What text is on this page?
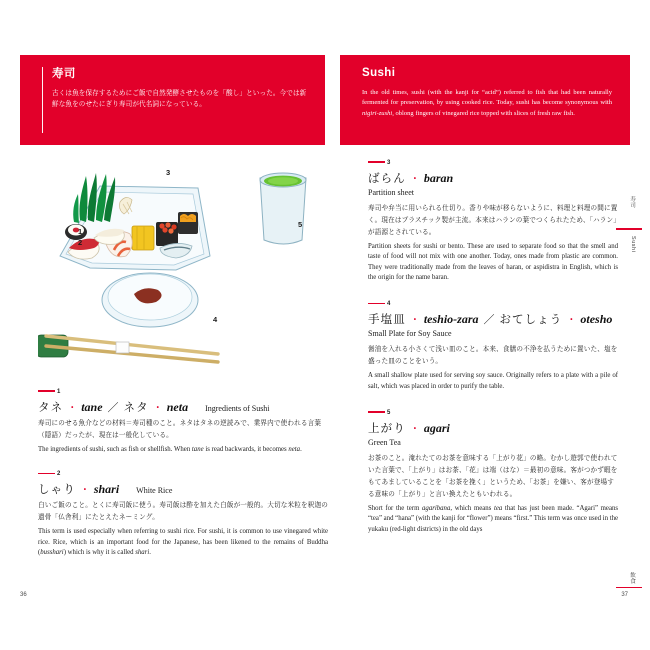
寿司
古くは魚を保存するためにご飯で自然発酵させたものを「酸し」といった。今では新鮮な魚をのせたにぎり寿司が代名詞になっている。
Sushi
In the old times, sushi (with the kanji for “acid”) referred to fish that had been naturally fermented for preservation, by using cooked rice. Today, sushi has become synonymous with nigiri-zushi, oblong fingers of vinegared rice topped with slices of fresh raw fish.
1
2
3
4
5
1
タネ ・ tane ／ ネタ ・ neta Ingredients of Sushi
寿司にのせる魚介などの材料＝寿司種のこと。ネタはタネの逆読みで、業界内で使われる言葉（隠語）だったが、現在は一般化している。
The ingredients of sushi, such as fish or shellfish. When tane is read backwards, it becomes neta.
2
しゃり ・ shari White Rice
白いご飯のこと。とくに寿司飯に使う。寿司飯は酢を加えた白飯が一般的。大切な米粒を釈迦の遺骨「仏舎利」にたとえたネーミング。
This term is used especially when referring to sushi rice. For sushi, it is common to use vinegared white rice. Rice, which is an important food for the Japanese, has been likened to the remains of Buddha (busshari) which is why it is called shari.
3
ばらん ・ baran
Partition sheet
寿司や弁当に用いられる仕切り。香りや味が移らないように、料理と料理の間に置く。現在はプラスチック製が主流。本来はハランの葉でつくられたため、「ハラン」が語源とされている。
Partition sheets for sushi or bento. These are used to separate food so that the smell and taste of food will not mix with one another. Today, ones made from plastic are common. They were traditionally made from the leaves of haran, or aspidistra in English, which is the origin for the name baran.
4
手塩皿 ・ teshio-zara ／ おてしょう ・ otesho
Small Plate for Soy Sauce
醤油を入れる小さくて浅い皿のこと。本来、食膳の不浄を払うために置いた、塩を盛った皿のことをいう。
A small shallow plate used for serving soy sauce. Originally refers to a plate with a pile of salt, which was placed in order to purify the table.
5
上がり ・ agari
Green Tea
お茶のこと。淹れたてのお茶を意味する「上がり花」の略。むかし遊郭で使われていた言葉で、「上がり」はお茶、「花」は端（はな）＝最初の意味。客がつかず暇をもてあましていることを「お茶を挽く」というため、「お茶」を嫌い、客が登場する意味の「上がり」と言い換えたともいわれる。
Short for the term agaribana, which means tea that has just been made. “Agari” means “tea” and “hana” (with the kanji for “flower”) means “first.” This term was once used in the yukaku (red-light districts) in the old days
36	37
寿司
Sushi
飲食
